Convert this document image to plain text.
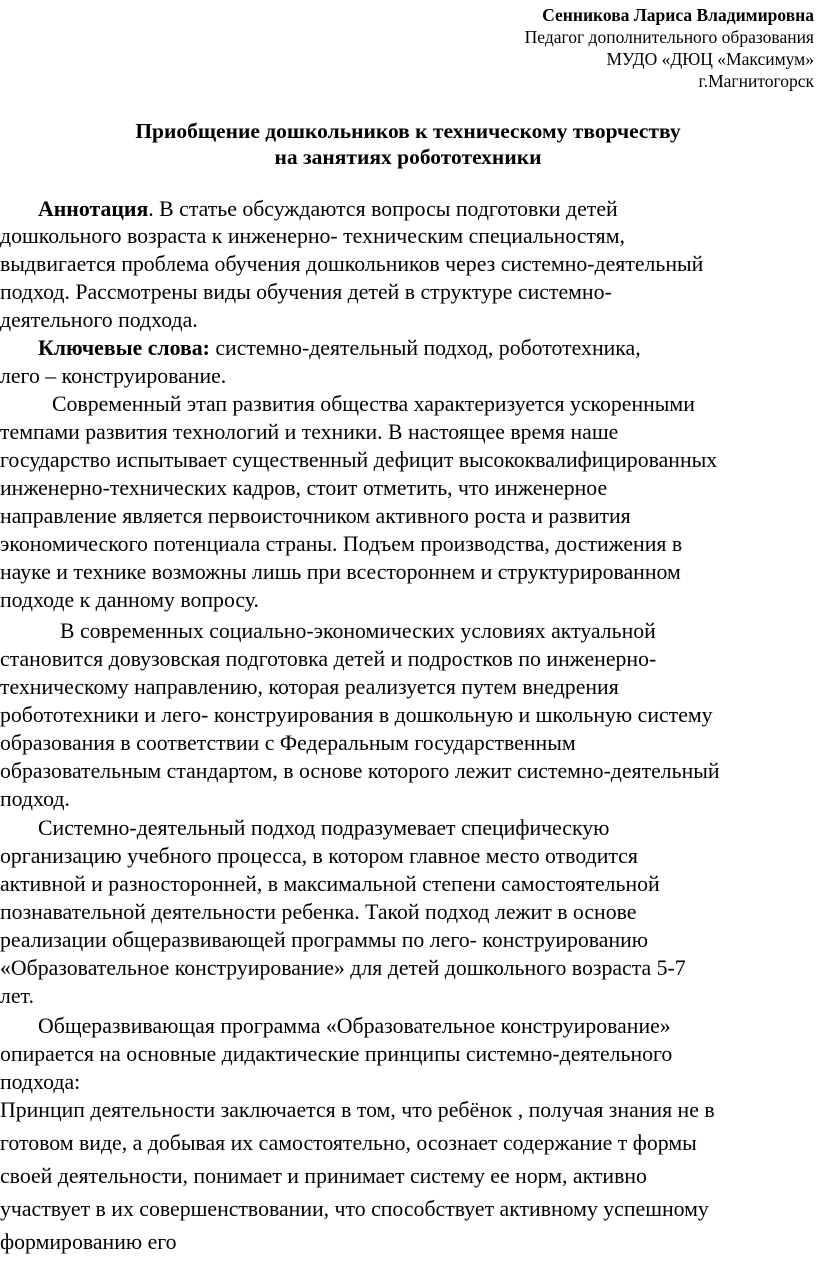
Сенникова Лариса Владимировна
Педагог дополнительного образования
МУДО «ДЮЦ «Максимум»
г.Магнитогорск
Приобщение дошкольников к техническому творчеству
на занятиях робототехники
Аннотация. В статье обсуждаются вопросы подготовки детей
дошкольного возраста к инженерно- техническим специальностям,
выдвигается проблема обучения дошкольников через системно-деятельный
подход. Рассмотрены виды обучения детей в структуре системно-
деятельного подхода.
Ключевые слова: системно-деятельный подход, робототехника,
лего – конструирование.
Современный этап развития общества характеризуется ускоренными
темпами развития технологий и техники. В настоящее время наше
государство испытывает существенный дефицит высококвалифицированных
инженерно-технических кадров, стоит отметить, что инженерное
направление является первоисточником активного роста и развития
экономического потенциала страны. Подъем производства, достижения в
науке и технике возможны лишь при всестороннем и структурированном
подходе к данному вопросу.
В современных социально-экономических условиях актуальной
становится довузовская подготовка детей и подростков по инженерно-
техническому направлению, которая реализуется путем внедрения
робототехники и лего- конструирования в дошкольную и школьную систему
образования в соответствии с Федеральным государственным
образовательным стандартом, в основе которого лежит системно-деятельный
подход.
Системно-деятельный подход подразумевает специфическую
организацию учебного процесса, в котором главное место отводится
активной и разносторонней, в максимальной степени самостоятельной
познавательной деятельности ребенка. Такой подход лежит в основе
реализации общеразвивающей программы по лего- конструированию
«Образовательное конструирование» для детей дошкольного возраста 5-7
лет.
Общеразвивающая программа «Образовательное конструирование»
опирается на основные дидактические принципы системно-деятельного
подхода:
Принцип деятельности заключается в том, что ребёнок , получая знания не в
готовом виде, а добывая их самостоятельно, осознает содержание т формы
своей деятельности, понимает и принимает систему ее норм, активно
участвует в их совершенствовании, что способствует активному успешному
формированию его
